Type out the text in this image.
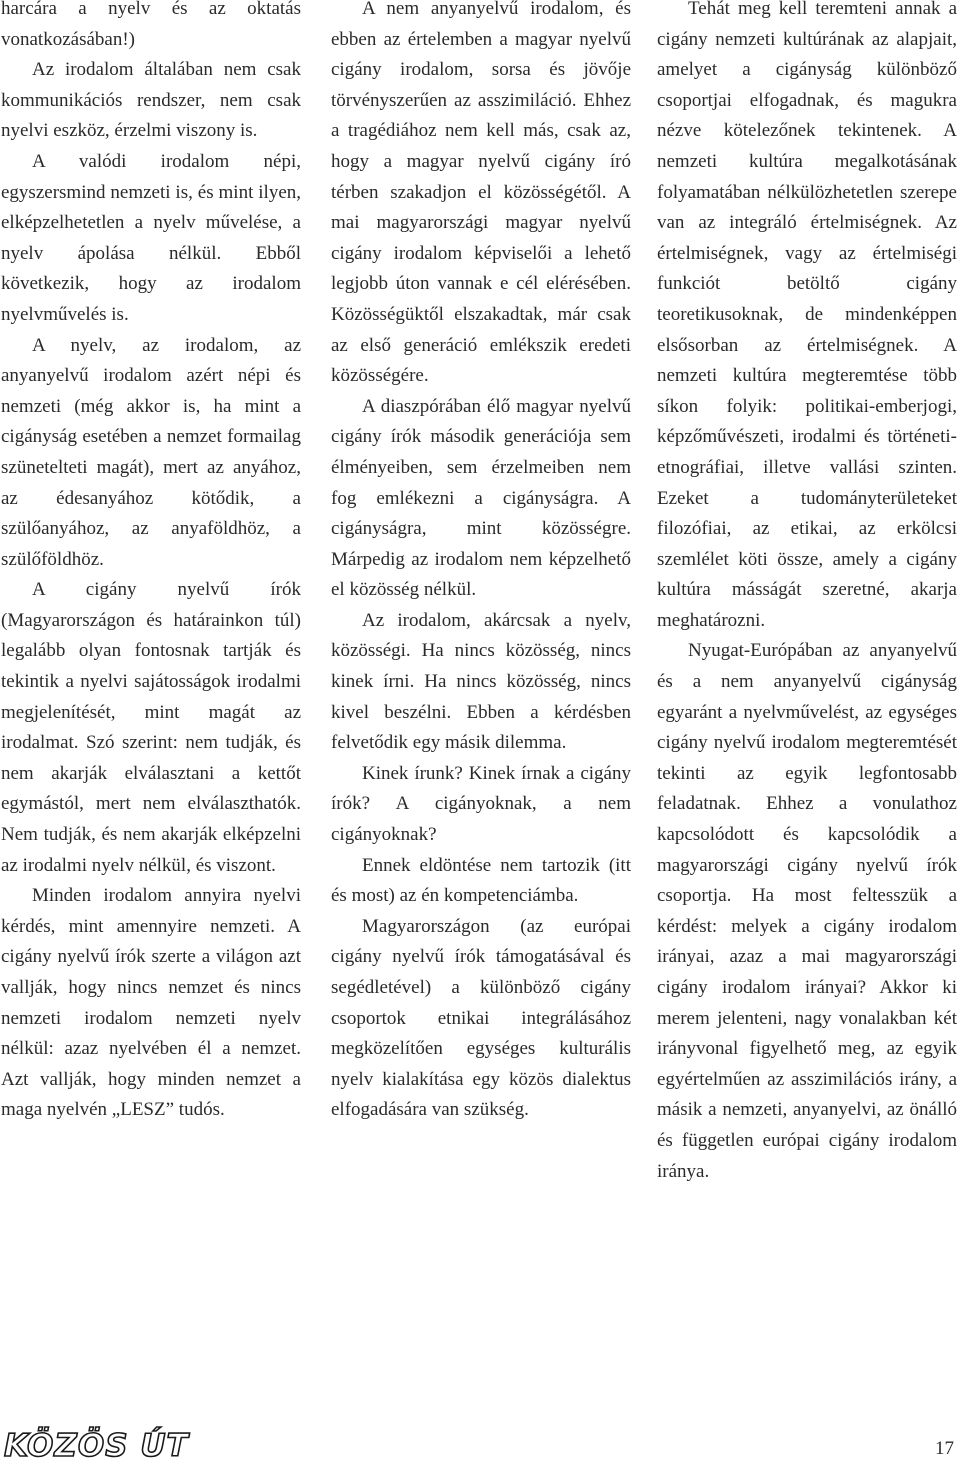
harcára a nyelv és az oktatás vonatkozásában!)

Az irodalom általában nem csak kommunikációs rendszer, nem csak nyelvi eszköz, érzelmi viszony is.

A valódi irodalom népi, egyszersmind nemzeti is, és mint ilyen, elképzelhetetlen a nyelv művelése, a nyelv ápolása nélkül. Ebből következik, hogy az irodalom nyelvművelés is.

A nyelv, az irodalom, az anyanyelvű irodalom azért népi és nemzeti (még akkor is, ha mint a cigányság esetében a nemzet formailag szünetelteti magát), mert az anyához, az édesanyához kötődik, a szülőanyához, az anyaföldhöz, a szülőföldhöz.

A cigány nyelvű írók (Magyarországon és határainkon túl) legalább olyan fontosnak tartják és tekintik a nyelvi sajátosságok irodalmi megjelenítését, mint magát az irodalmat. Szó szerint: nem tudják, és nem akarják elválasztani a kettőt egymástól, mert nem elválaszthatók. Nem tudják, és nem akarják elképzelni az irodalmi nyelv nélkül, és viszont.

Minden irodalom annyira nyelvi kérdés, mint amennyire nemzeti. A cigány nyelvű írók szerte a világon azt vallják, hogy nincs nemzet és nincs nemzeti irodalom nemzeti nyelv nélkül: azaz nyelvében él a nemzet. Azt vallják, hogy minden nemzet a maga nyelvén „LESZ” tudós.

A nem anyanyelvű irodalom, és ebben az értelemben a magyar nyelvű cigány irodalom, sorsa és jövője törvényszerűen az asszimiláció. Ehhez a tragédiához nem kell más, csak az, hogy a magyar nyelvű cigány író térben szakadjon el közösségétől. A mai magyarországi magyar nyelvű cigány irodalom képviselői a lehető legjobb úton vannak e cél elérésében. Közösségüktől elszakadtak, már csak az első generáció emlékszik eredeti közösségére.

A diaszpórában élő magyar nyelvű cigány írók második generációja sem élményeiben, sem érzelmeiben nem fog emlékezni a cigányságra. A cigányságra, mint közösségre. Márpedig az irodalom nem képzelhető el közösség nélkül.

Az irodalom, akárcsak a nyelv, közösségi. Ha nincs közösség, nincs kinek írni. Ha nincs közösség, nincs kivel beszélni. Ebben a kérdésben felvetődik egy másik dilemma.

Kinek írunk? Kinek írnak a cigány írók? A cigányoknak, a nem cigányoknak?

Ennek eldöntése nem tartozik (itt és most) az én kompetenciámba.

Magyarországon (az európai cigány nyelvű írók támogatásával és segédletével) a különböző cigány csoportok etnikai integrálásához megközelítően egységes kulturális nyelv kialakítása egy közös dialektus elfogadására van szükség.

Tehát meg kell teremteni annak a cigány nemzeti kultúrának az alapjait, amelyet a cigányság különböző csoportjai elfogadnak, és magukra nézve kötelezőnek tekintenek. A nemzeti kultúra megalkotásának folyamatában nélkülözhetetlen szerepe van az integráló értelmiségnek. Az értelmiségnek, vagy az értelmiségi funkciót betöltő cigány teoretikusoknak, de mindenképpen elsősorban az értelmiségnek. A nemzeti kultúra megteremtése több síkon folyik: politikai-emberjogi, képzőművészeti, irodalmi és történeti-etnográfiai, illetve vallási szinten. Ezeket a tudományterületeket filozófiai, az etikai, az erkölcsi szemlélet köti össze, amely a cigány kultúra másságát szeretné, akarja meghatározni.

Nyugat-Európában az anyanyelvű és a nem anyanyelvű cigányság egyaránt a nyelvművelést, az egységes cigány nyelvű irodalom megteremtését tekinti az egyik legfontosabb feladatnak. Ehhez a vonulathoz kapcsolódott és kapcsolódik a magyarországi cigány nyelvű írók csoportja. Ha most feltesszük a kérdést: melyek a cigány irodalom irányai, azaz a mai magyarországi cigány irodalom irányai? Akkor ki merem jelenteni, nagy vonalakban két irányvonal figyelhető meg, az egyik egyértelműen az asszimilációs irány, a másik a nemzeti, anyanyelvi, az önálló és független európai cigány irodalom iránya.

KÖZÖS ÚT	17
